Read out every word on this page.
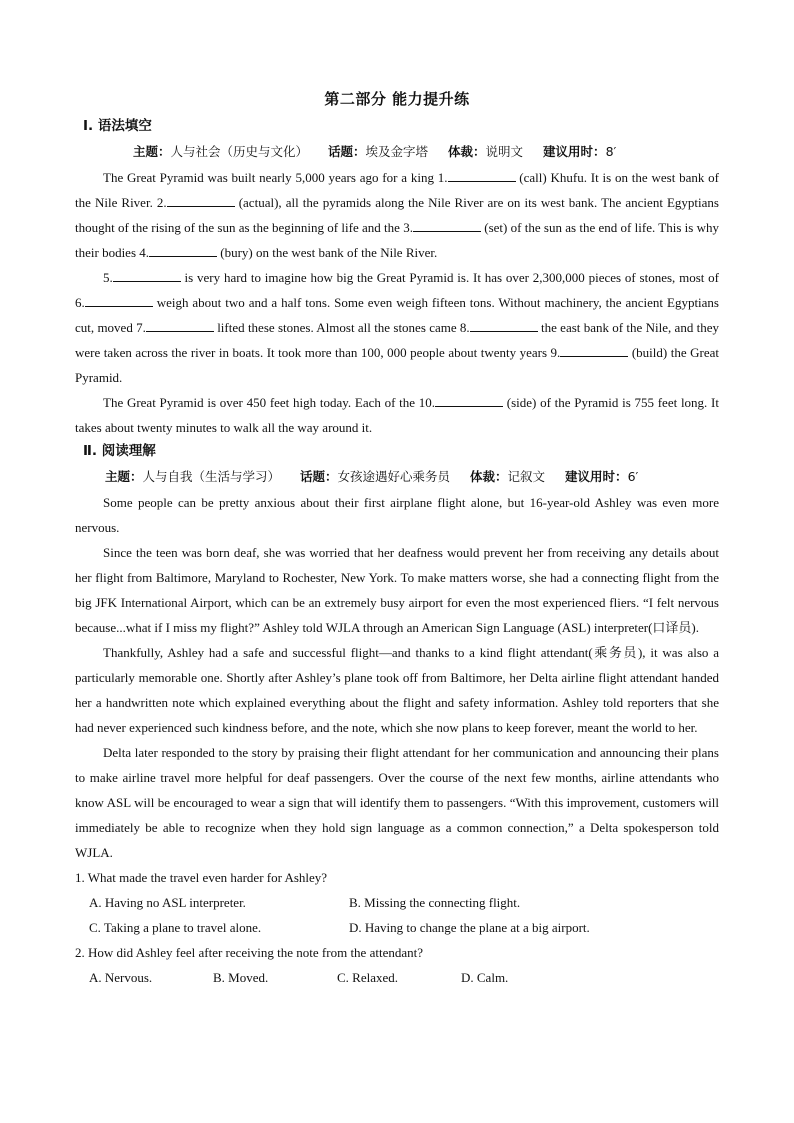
第二部分 能力提升练
Ⅰ. 语法填空
主题：人与社会（历史与文化） 话题：埃及金字塔 体裁：说明文 建议用时：8′

The Great Pyramid was built nearly 5,000 years ago for a king 1.	(call) Khufu. It is on the west bank of the Nile River. 2.	(actual), all the pyramids along the Nile River are on its west bank. The ancient Egyptians thought of the rising of the sun as the beginning of life and the 3.	(set) of the sun as the end of life. This is why their bodies 4.	(bury) on the west bank of the Nile River.

5.	is very hard to imagine how big the Great Pyramid is. It has over 2,300,000 pieces of stones, most of 6.	weigh about two and a half tons. Some even weigh fifteen tons. Without machinery, the ancient Egyptians cut, moved 7.	lifted these stones. Almost all the stones came 8.	the east bank of the Nile, and they were taken across the river in boats. It took more than 100, 000 people about twenty years 9.	(build) the Great Pyramid.

The Great Pyramid is over 450 feet high today. Each of the 10.	(side) of the Pyramid is 755 feet long. It takes about twenty minutes to walk all the way around it.

Ⅱ. 阅读理解
主题：人与自我（生活与学习） 话题：女孩途遇好心乘务员 体裁：记叙文 建议用时：6′

Some people can be pretty anxious about their first airplane flight alone, but 16-year-old Ashley was even more nervous.

Since the teen was born deaf, she was worried that her deafness would prevent her from receiving any details about her flight from Baltimore, Maryland to Rochester, New York. To make matters worse, she had a connecting flight from the big JFK International Airport, which can be an extremely busy airport for even the most experienced fliers. “I felt nervous because...what if I miss my flight?” Ashley told WJLA through an American Sign Language (ASL) interpreter(口译员).

Thankfully, Ashley had a safe and successful flight—and thanks to a kind flight attendant(乘务员), it was also a particularly memorable one. Shortly after Ashley’s plane took off from Baltimore, her Delta airline flight attendant handed her a handwritten note which explained everything about the flight and safety information. Ashley told reporters that she had never experienced such kindness before, and the note, which she now plans to keep forever, meant the world to her.

Delta later responded to the story by praising their flight attendant for her communication and announcing their plans to make airline travel more helpful for deaf passengers. Over the course of the next few months, airline attendants who know ASL will be encouraged to wear a sign that will identify them to passengers. “With this improvement, customers will immediately be able to recognize when they hold sign language as a common connection,” a Delta spokesperson told WJLA.

1. What made the travel even harder for Ashley?

A. Having no ASL interpreter.	B. Missing the connecting flight.
C. Taking a plane to travel alone.	D. Having to change the plane at a big airport.

2. How did Ashley feel after receiving the note from the attendant?

A. Nervous.	B. Moved.	C. Relaxed.	D. Calm.
